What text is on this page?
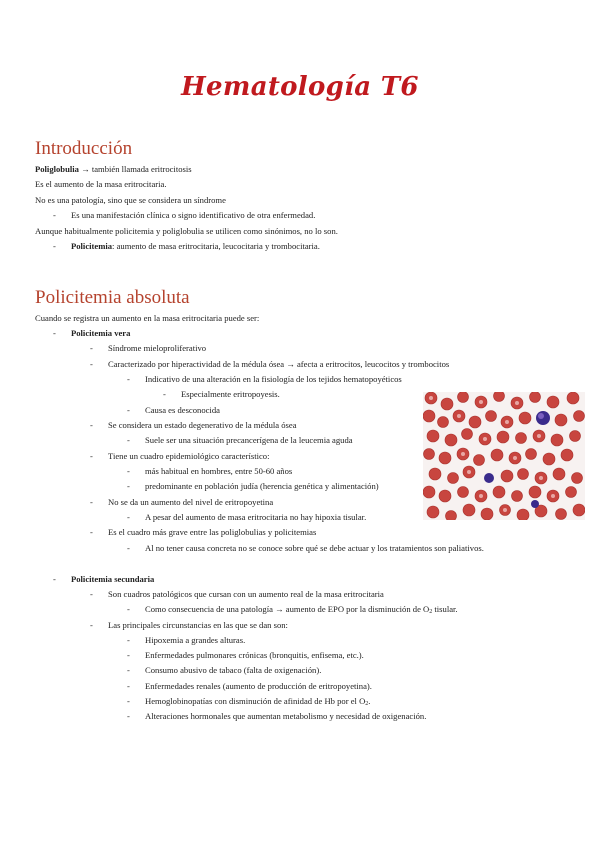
Hematología T6
Introducción
Poliglobulia → también llamada eritrocitosis
Es el aumento de la masa eritrocitaria.
No es una patología, sino que se considera un síndrome
- Es una manifestación clínica o signo identificativo de otra enfermedad.
Aunque habitualmente policitemia y poliglobulia se utilicen como sinónimos, no lo son.
- Policitemia: aumento de masa eritrocitaria, leucocitaria y trombocitaria.
Policitemia absoluta
Cuando se registra un aumento en la masa eritrocitaria puede ser:
- Policitemia vera
- Síndrome mieloproliferativo
- Caracterizado por hiperactividad de la médula ósea → afecta a eritrocitos, leucocitos y trombocitos
- Indicativo de una alteración en la fisiología de los tejidos hematopoyéticos
- Especialmente eritropoyesis.
- Causa es desconocida
- Se considera un estado degenerativo de la médula ósea
- Suele ser una situación precancerígena de la leucemia aguda
- Tiene un cuadro epidemiológico característico:
- más habitual en hombres, entre 50-60 años
- predominante en población judía (herencia genética y alimentación)
- No se da un aumento del nivel de eritropoyetina
- A pesar del aumento de masa eritrocitaria no hay hipoxia tisular.
- Es el cuadro más grave entre las poliglobulias y policitemias
- Al no tener causa concreta no se conoce sobre qué se debe actuar y los tratamientos son paliativos.
- Policitemia secundaria
- Son cuadros patológicos que cursan con un aumento real de la masa eritrocitaria
- Como consecuencia de una patología → aumento de EPO por la disminución de O2 tisular.
- Las principales circunstancias en las que se dan son:
- Hipoxemia a grandes alturas.
- Enfermedades pulmonares crónicas (bronquitis, enfisema, etc.).
- Consumo abusivo de tabaco (falta de oxigenación).
- Enfermedades renales (aumento de producción de eritropoyetina).
- Hemoglobinopatías con disminución de afinidad de Hb por el O2.
- Alteraciones hormonales que aumentan metabolismo y necesidad de oxigenación.
